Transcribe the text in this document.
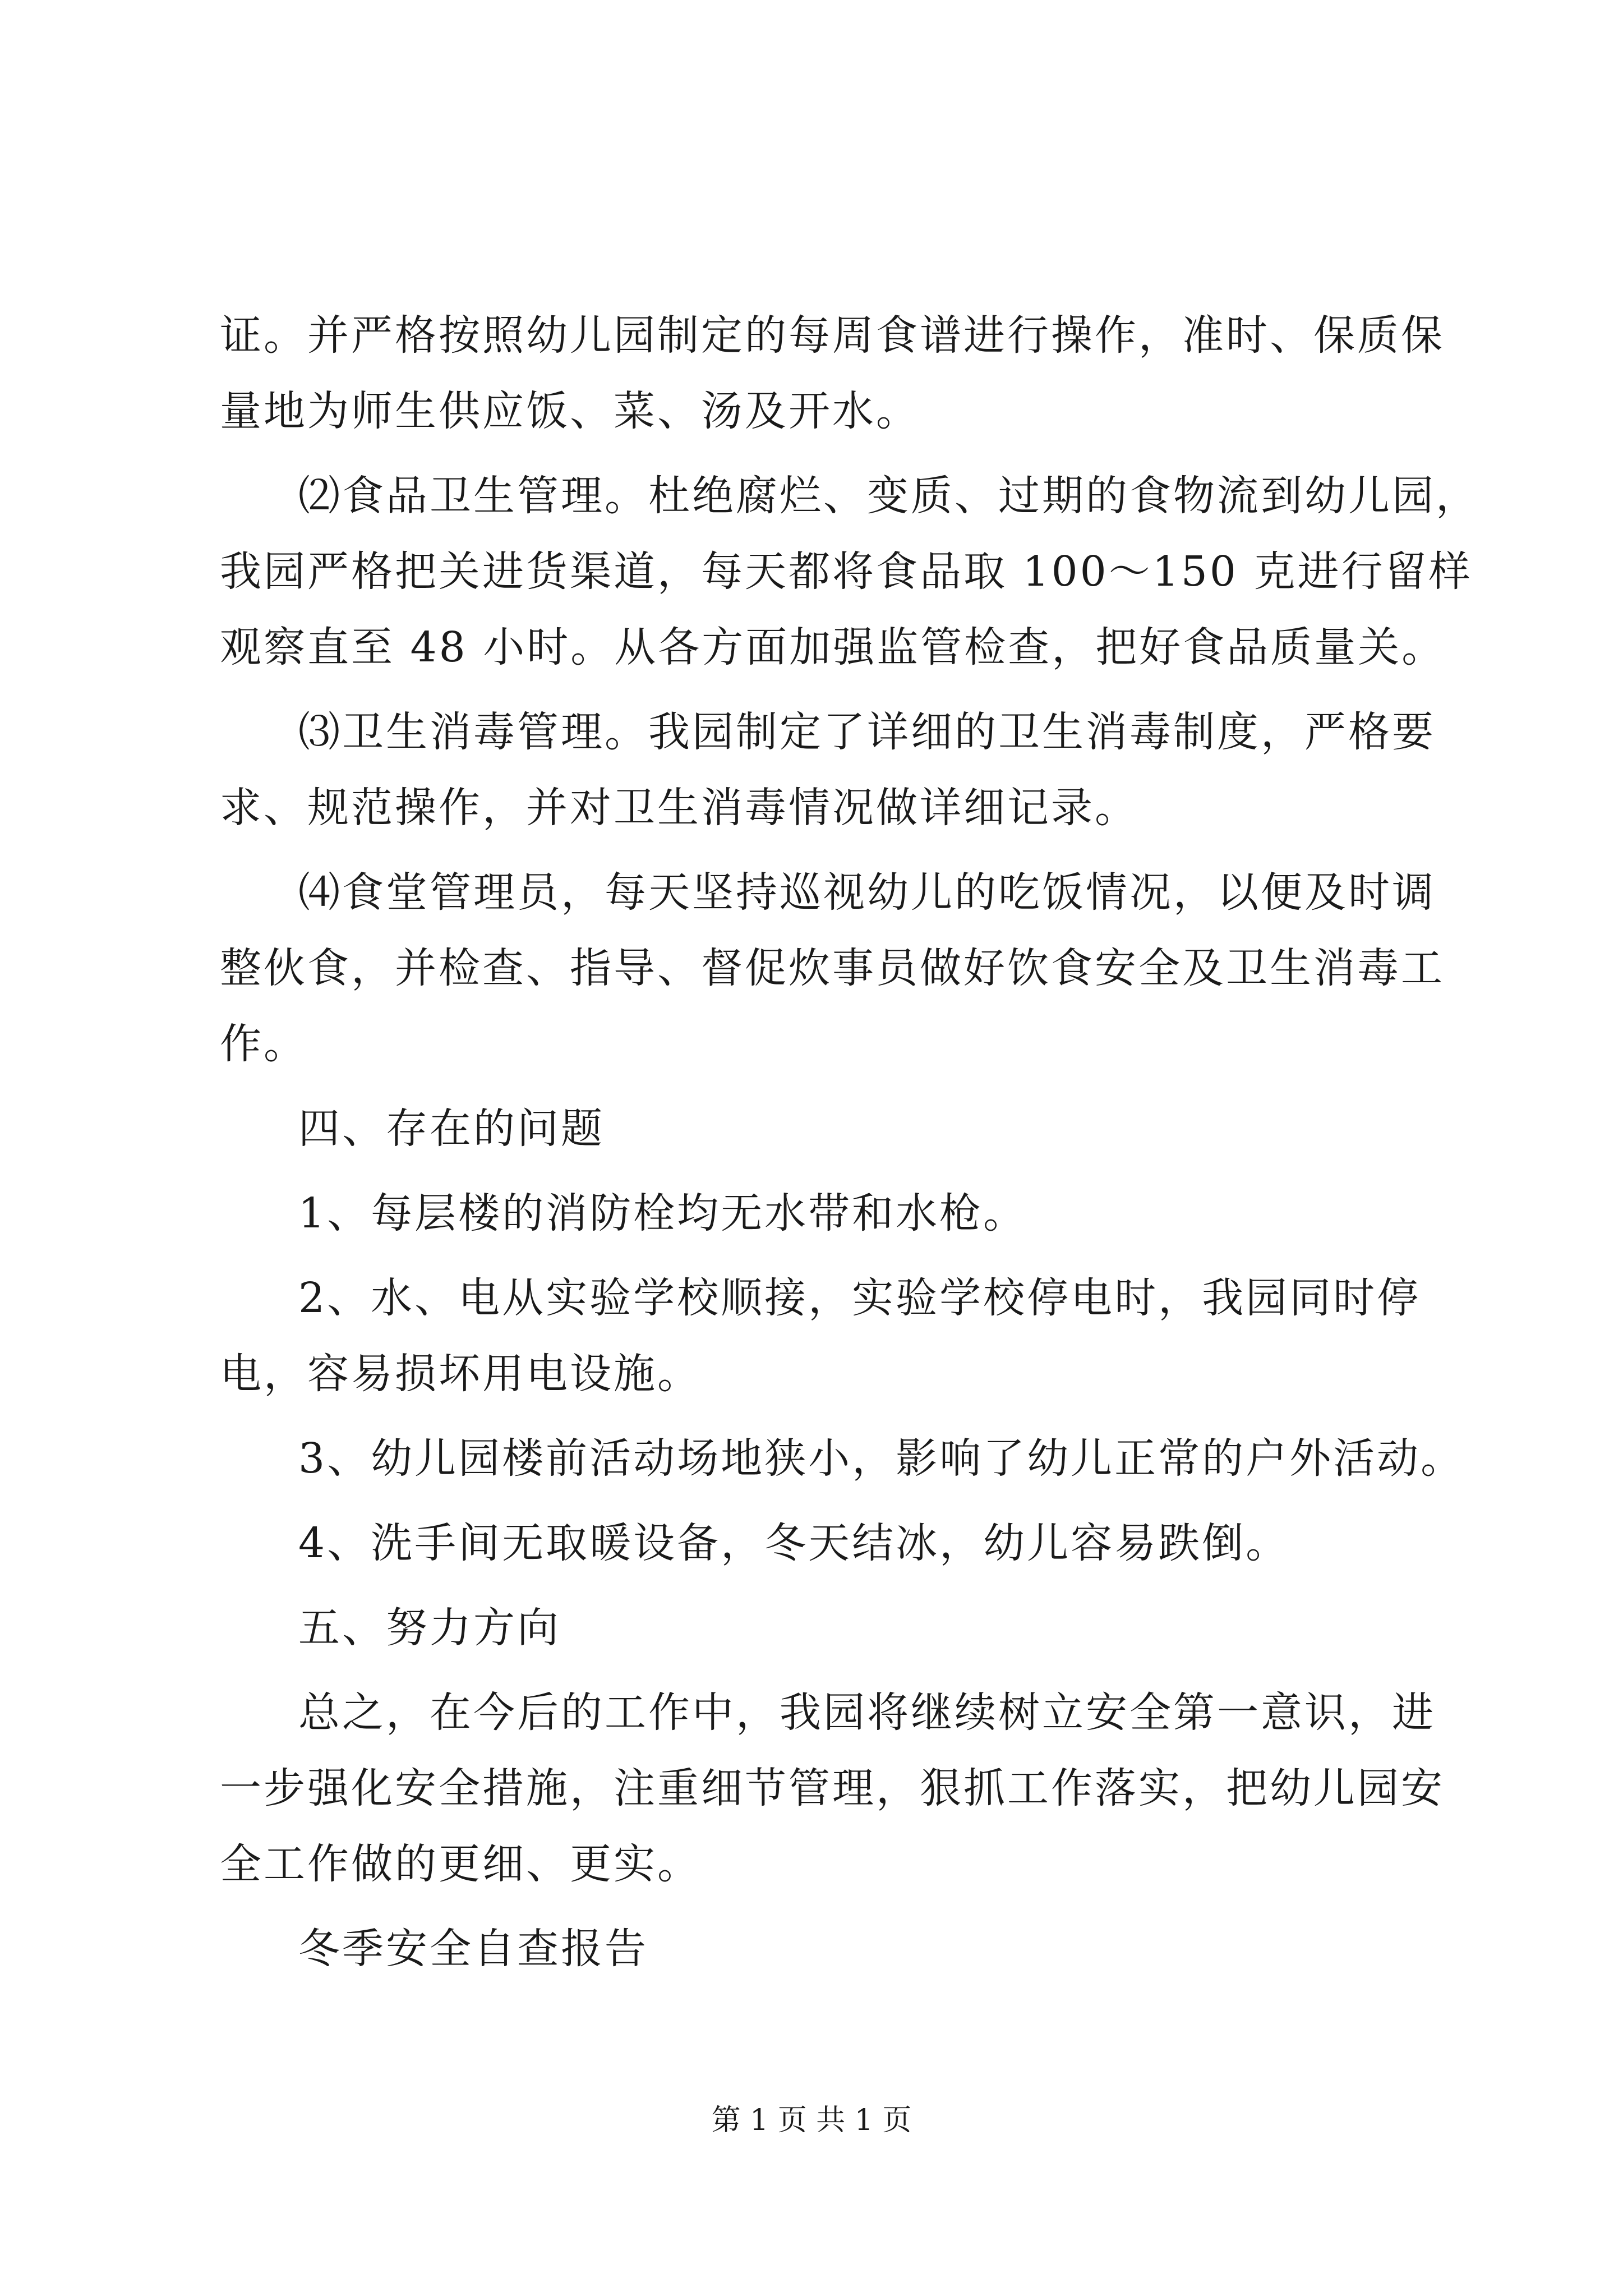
证。并严格按照幼儿园制定的每周食谱进行操作，准时、保质保
量地为师生供应饭、菜、汤及开水。
⑵食品卫生管理。杜绝腐烂、变质、过期的食物流到幼儿园，
我园严格把关进货渠道，每天都将食品取 100～150 克进行留样
观察直至 48 小时。从各方面加强监管检查，把好食品质量关。
⑶卫生消毒管理。我园制定了详细的卫生消毒制度，严格要
求、规范操作，并对卫生消毒情况做详细记录。
⑷食堂管理员，每天坚持巡视幼儿的吃饭情况，以便及时调
整伙食，并检查、指导、督促炊事员做好饮食安全及卫生消毒工
作。
四、存在的问题
1、每层楼的消防栓均无水带和水枪。
2、水、电从实验学校顺接，实验学校停电时，我园同时停
电，容易损坏用电设施。
3、幼儿园楼前活动场地狭小，影响了幼儿正常的户外活动。
4、洗手间无取暖设备，冬天结冰，幼儿容易跌倒。
五、努力方向
总之，在今后的工作中，我园将继续树立安全第一意识，进
一步强化安全措施，注重细节管理，狠抓工作落实，把幼儿园安
全工作做的更细、更实。
冬季安全自查报告
第 1 页 共 1 页
